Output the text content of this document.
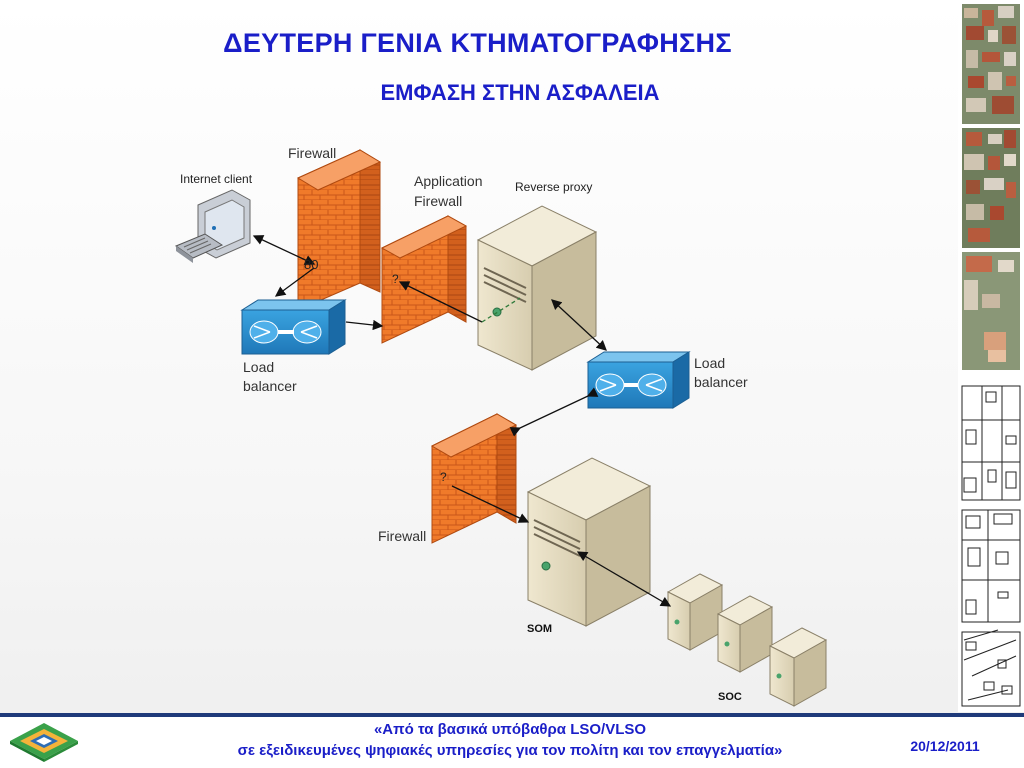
ΔΕΥΤΕΡΗ ΓΕΝΙΑ ΚΤΗΜΑΤΟΓΡΑΦΗΣΗΣ
ΕΜΦΑΣΗ ΣΤΗΝ ΑΣΦΑΛΕΙΑ
Internet client
Firewall
80
Application
Firewall
Reverse proxy
Load
balancer
Load
balancer
?
?
Firewall
SOM
SOC
«Από τα βασικά υπόβαθρα LSO/VLSO
σε εξειδικευμένες ψηφιακές υπηρεσίες για τον πολίτη και τον επαγγελματία»	20/12/2011
